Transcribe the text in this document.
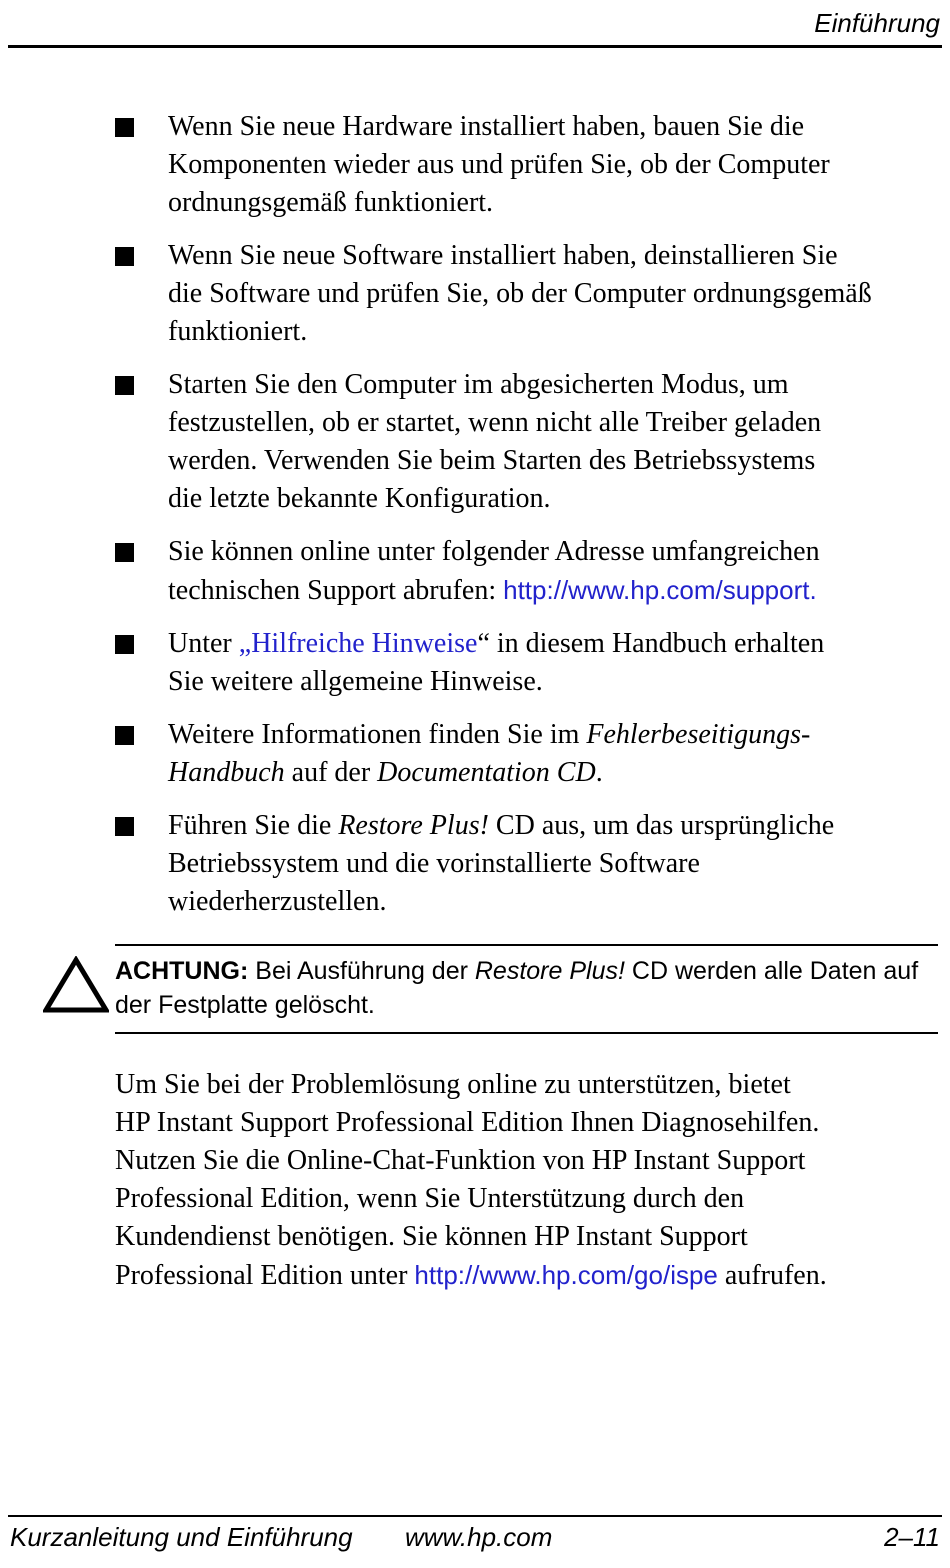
Einführung
Wenn Sie neue Hardware installiert haben, bauen Sie die
Komponenten wieder aus und prüfen Sie, ob der Computer
ordnungsgemäß funktioniert.
Wenn Sie neue Software installiert haben, deinstallieren Sie
die Software und prüfen Sie, ob der Computer ordnungsgemäß
funktioniert.
Starten Sie den Computer im abgesicherten Modus, um
festzustellen, ob er startet, wenn nicht alle Treiber geladen
werden. Verwenden Sie beim Starten des Betriebssystems
die letzte bekannte Konfiguration.
Sie können online unter folgender Adresse umfangreichen
technischen Support abrufen: http://www.hp.com/support.
Unter „Hilfreiche Hinweise“ in diesem Handbuch erhalten
Sie weitere allgemeine Hinweise.
Weitere Informationen finden Sie im Fehlerbeseitigungs-
Handbuch auf der Documentation CD.
Führen Sie die Restore Plus! CD aus, um das ursprüngliche
Betriebssystem und die vorinstallierte Software
wiederherzustellen.
ACHTUNG: Bei Ausführung der Restore Plus! CD werden alle Daten auf
der Festplatte gelöscht.
Um Sie bei der Problemlösung online zu unterstützen, bietet
HP Instant Support Professional Edition Ihnen Diagnosehilfen.
Nutzen Sie die Online-Chat-Funktion von HP Instant Support
Professional Edition, wenn Sie Unterstützung durch den
Kundendienst benötigen. Sie können HP Instant Support
Professional Edition unter http://www.hp.com/go/ispe aufrufen.
Kurzanleitung und Einführung www.hp.com	2–11
